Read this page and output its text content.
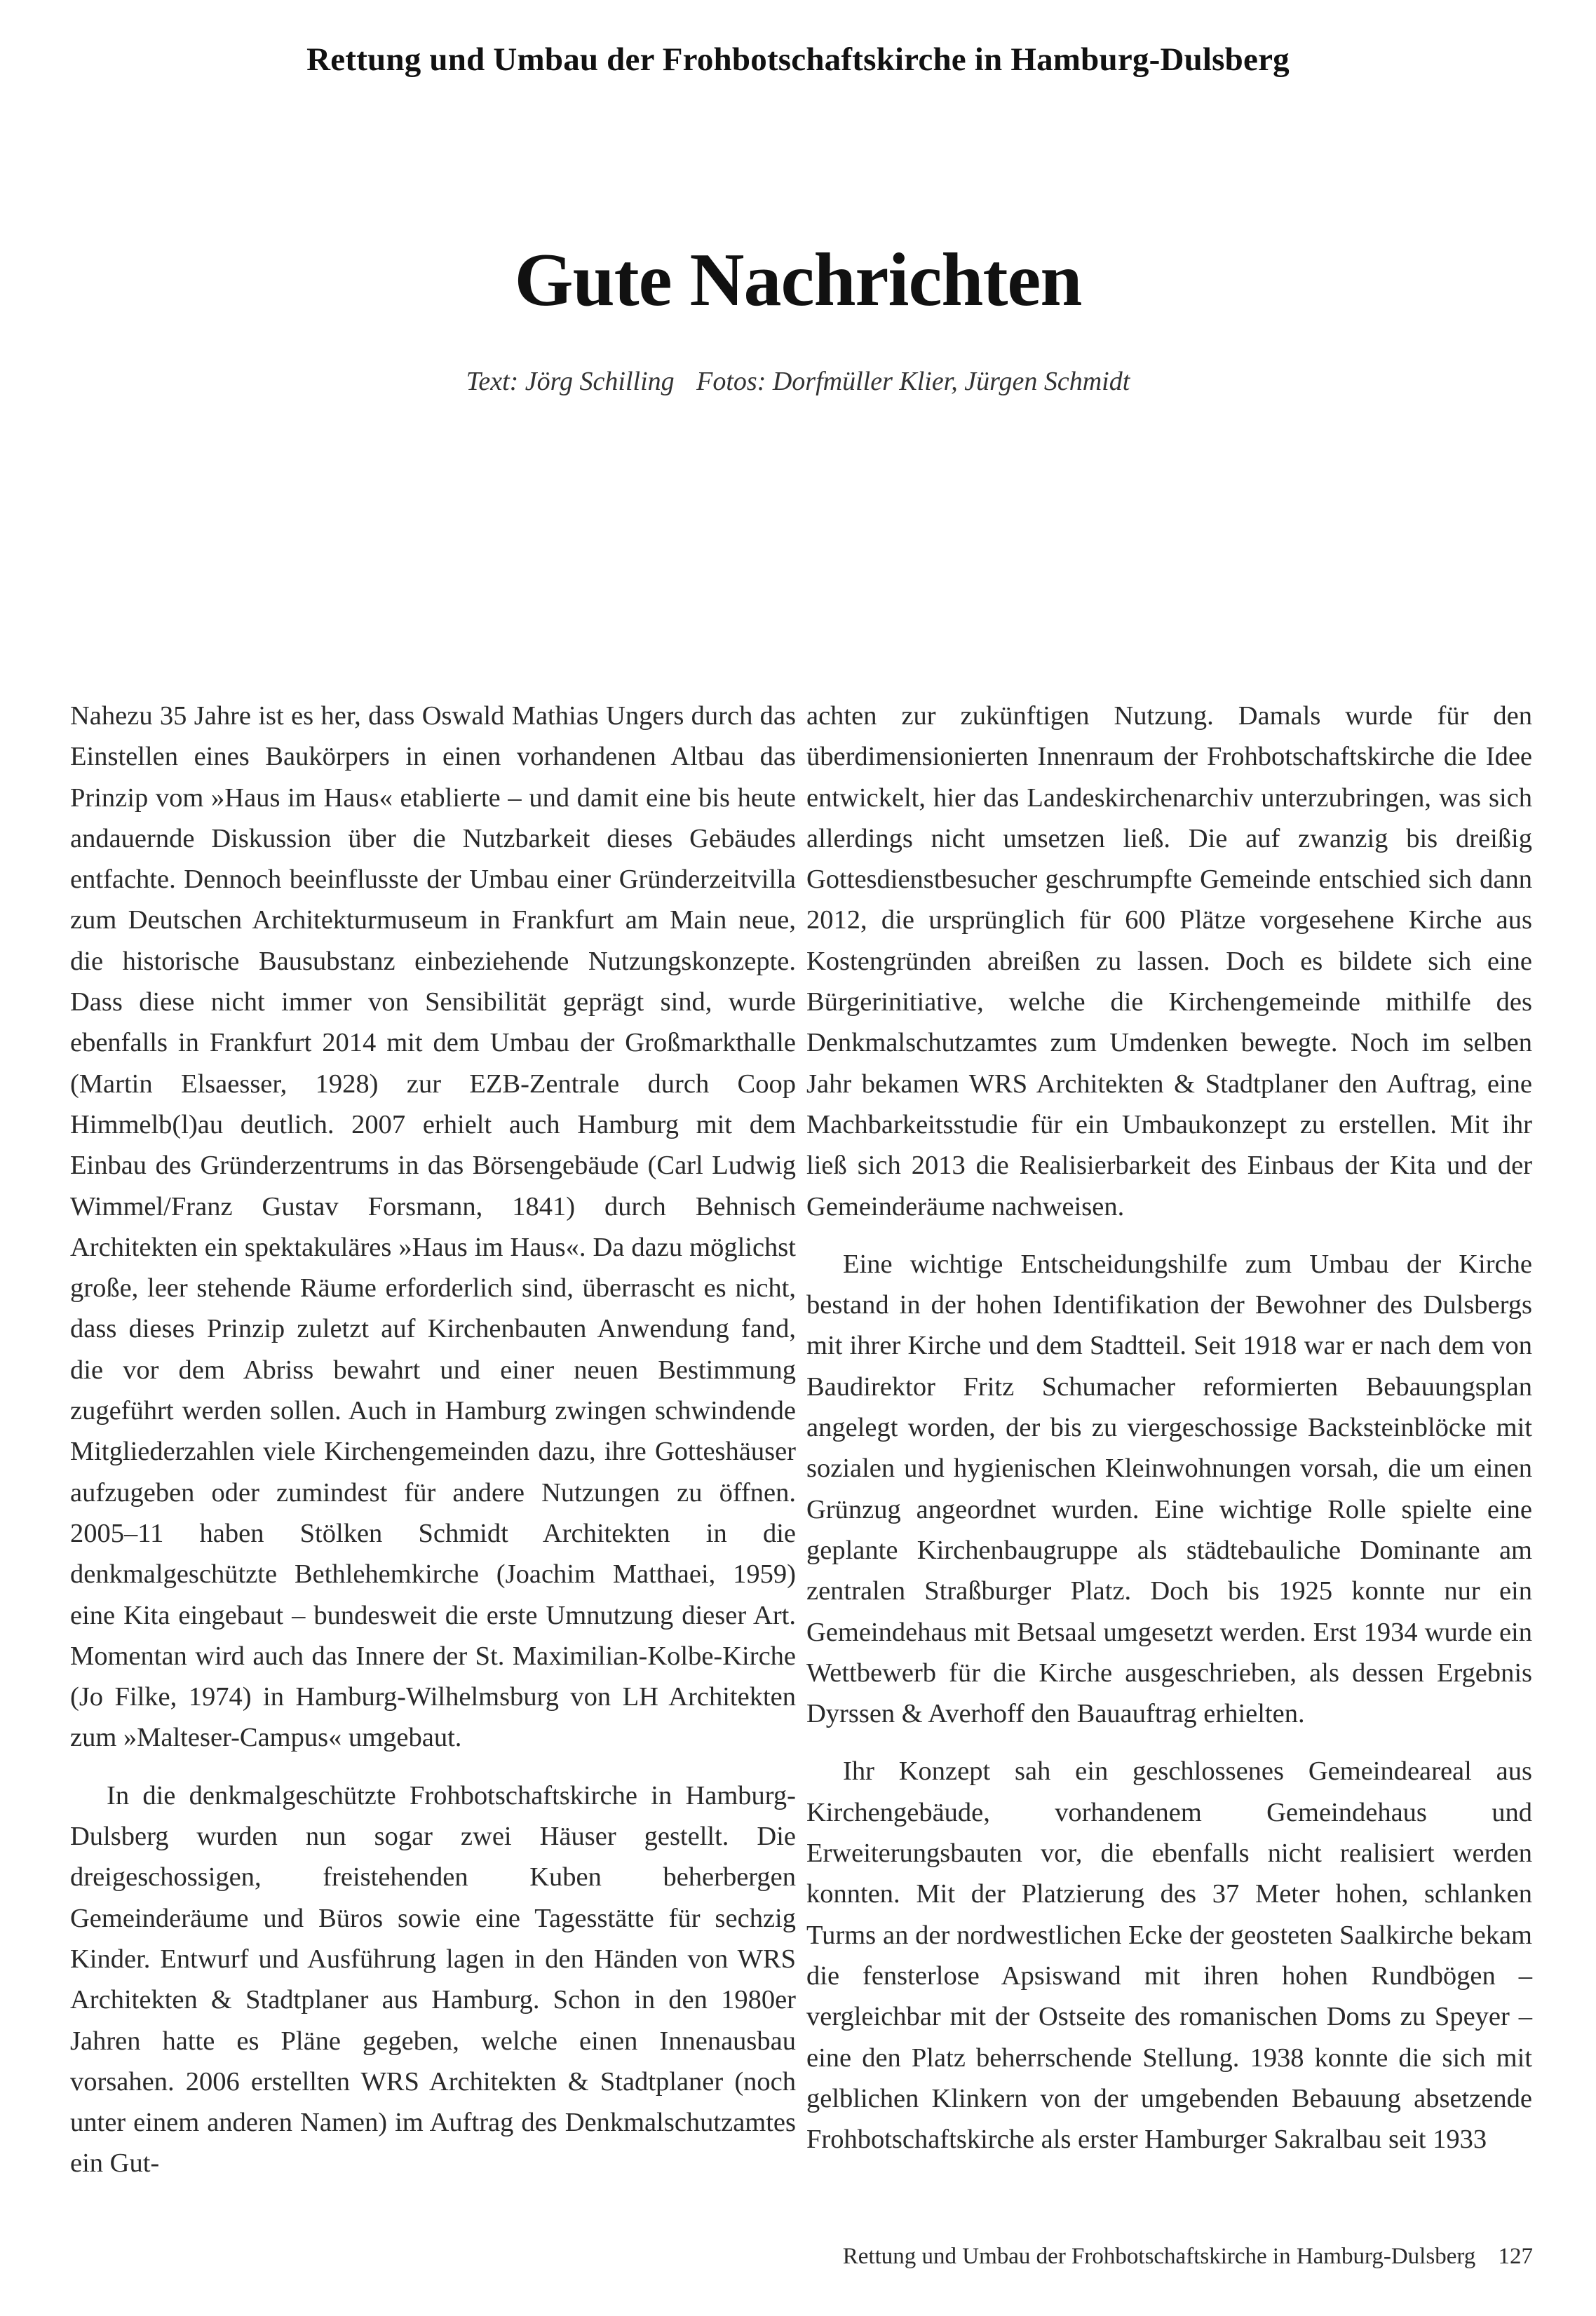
Rettung und Umbau der Frohbotschaftskirche in Hamburg-Dulsberg
Gute Nachrichten
Text: Jörg Schilling Fotos: Dorfmüller Klier, Jürgen Schmidt

Nahezu 35 Jahre ist es her, dass Oswald Mathias Ungers durch das Einstellen eines Baukörpers in einen vorhandenen Altbau das Prinzip vom »Haus im Haus« etablierte – und damit eine bis heute andauernde Diskussion über die Nutzbarkeit dieses Gebäudes entfachte. Dennoch beeinflusste der Umbau einer Gründerzeitvilla zum Deutschen Architekturmuseum in Frankfurt am Main neue, die historische Bausubstanz einbeziehende Nutzungskonzepte. Dass diese nicht immer von Sensibilität geprägt sind, wurde ebenfalls in Frankfurt 2014 mit dem Umbau der Großmarkthalle (Martin Elsaesser, 1928) zur EZB-Zentrale durch Coop Himmelb(l)au deutlich. 2007 erhielt auch Hamburg mit dem Einbau des Gründerzentrums in das Börsengebäude (Carl Ludwig Wimmel/Franz Gustav Forsmann, 1841) durch Behnisch Architekten ein spektakuläres »Haus im Haus«. Da dazu möglichst große, leer stehende Räume erforderlich sind, überrascht es nicht, dass dieses Prinzip zuletzt auf Kirchenbauten Anwendung fand, die vor dem Abriss bewahrt und einer neuen Bestimmung zugeführt werden sollen. Auch in Hamburg zwingen schwindende Mitgliederzahlen viele Kirchengemeinden dazu, ihre Gotteshäuser aufzugeben oder zumindest für andere Nutzungen zu öffnen. 2005–11 haben Stölken Schmidt Architekten in die denkmalgeschützte Bethlehemkirche (Joachim Matthaei, 1959) eine Kita eingebaut – bundesweit die erste Umnutzung dieser Art. Momentan wird auch das Innere der St. Maximilian-Kolbe-Kirche (Jo Filke, 1974) in Hamburg-Wilhelmsburg von LH Architekten zum »Malteser-Campus« umgebaut.

In die denkmalgeschützte Frohbotschaftskirche in Hamburg-Dulsberg wurden nun sogar zwei Häuser gestellt. Die dreigeschossigen, freistehenden Kuben beherbergen Gemeinderäume und Büros sowie eine Tagesstätte für sechzig Kinder. Entwurf und Ausführung lagen in den Händen von WRS Architekten & Stadtplaner aus Hamburg. Schon in den 1980er Jahren hatte es Pläne gegeben, welche einen Innenausbau vorsahen. 2006 erstellten WRS Architekten & Stadtplaner (noch unter einem anderen Namen) im Auftrag des Denkmalschutzamtes ein Gut-

achten zur zukünftigen Nutzung. Damals wurde für den überdimensionierten Innenraum der Frohbotschaftskirche die Idee entwickelt, hier das Landeskirchenarchiv unterzubringen, was sich allerdings nicht umsetzen ließ. Die auf zwanzig bis dreißig Gottesdienstbesucher geschrumpfte Gemeinde entschied sich dann 2012, die ursprünglich für 600 Plätze vorgesehene Kirche aus Kostengründen abreißen zu lassen. Doch es bildete sich eine Bürgerinitiative, welche die Kirchengemeinde mithilfe des Denkmalschutzamtes zum Umdenken bewegte. Noch im selben Jahr bekamen WRS Architekten & Stadtplaner den Auftrag, eine Machbarkeitsstudie für ein Umbaukonzept zu erstellen. Mit ihr ließ sich 2013 die Realisierbarkeit des Einbaus der Kita und der Gemeinderäume nachweisen.

Eine wichtige Entscheidungshilfe zum Umbau der Kirche bestand in der hohen Identifikation der Bewohner des Dulsbergs mit ihrer Kirche und dem Stadtteil. Seit 1918 war er nach dem von Baudirektor Fritz Schumacher reformierten Bebauungsplan angelegt worden, der bis zu viergeschossige Backsteinblöcke mit sozialen und hygienischen Kleinwohnungen vorsah, die um einen Grünzug angeordnet wurden. Eine wichtige Rolle spielte eine geplante Kirchenbaugruppe als städtebauliche Dominante am zentralen Straßburger Platz. Doch bis 1925 konnte nur ein Gemeindehaus mit Betsaal umgesetzt werden. Erst 1934 wurde ein Wettbewerb für die Kirche ausgeschrieben, als dessen Ergebnis Dyrssen & Averhoff den Bauauftrag erhielten.

Ihr Konzept sah ein geschlossenes Gemeindeareal aus Kirchengebäude, vorhandenem Gemeindehaus und Erweiterungsbauten vor, die ebenfalls nicht realisiert werden konnten. Mit der Platzierung des 37 Meter hohen, schlanken Turms an der nordwestlichen Ecke der geosteten Saalkirche bekam die fensterlose Apsiswand mit ihren hohen Rundbögen – vergleichbar mit der Ostseite des romanischen Doms zu Speyer – eine den Platz beherrschende Stellung. 1938 konnte die sich mit gelblichen Klinkern von der umgebenden Bebauung absetzende Frohbotschaftskirche als erster Hamburger Sakralbau seit 1933

Rettung und Umbau der Frohbotschaftskirche in Hamburg-Dulsberg 127
